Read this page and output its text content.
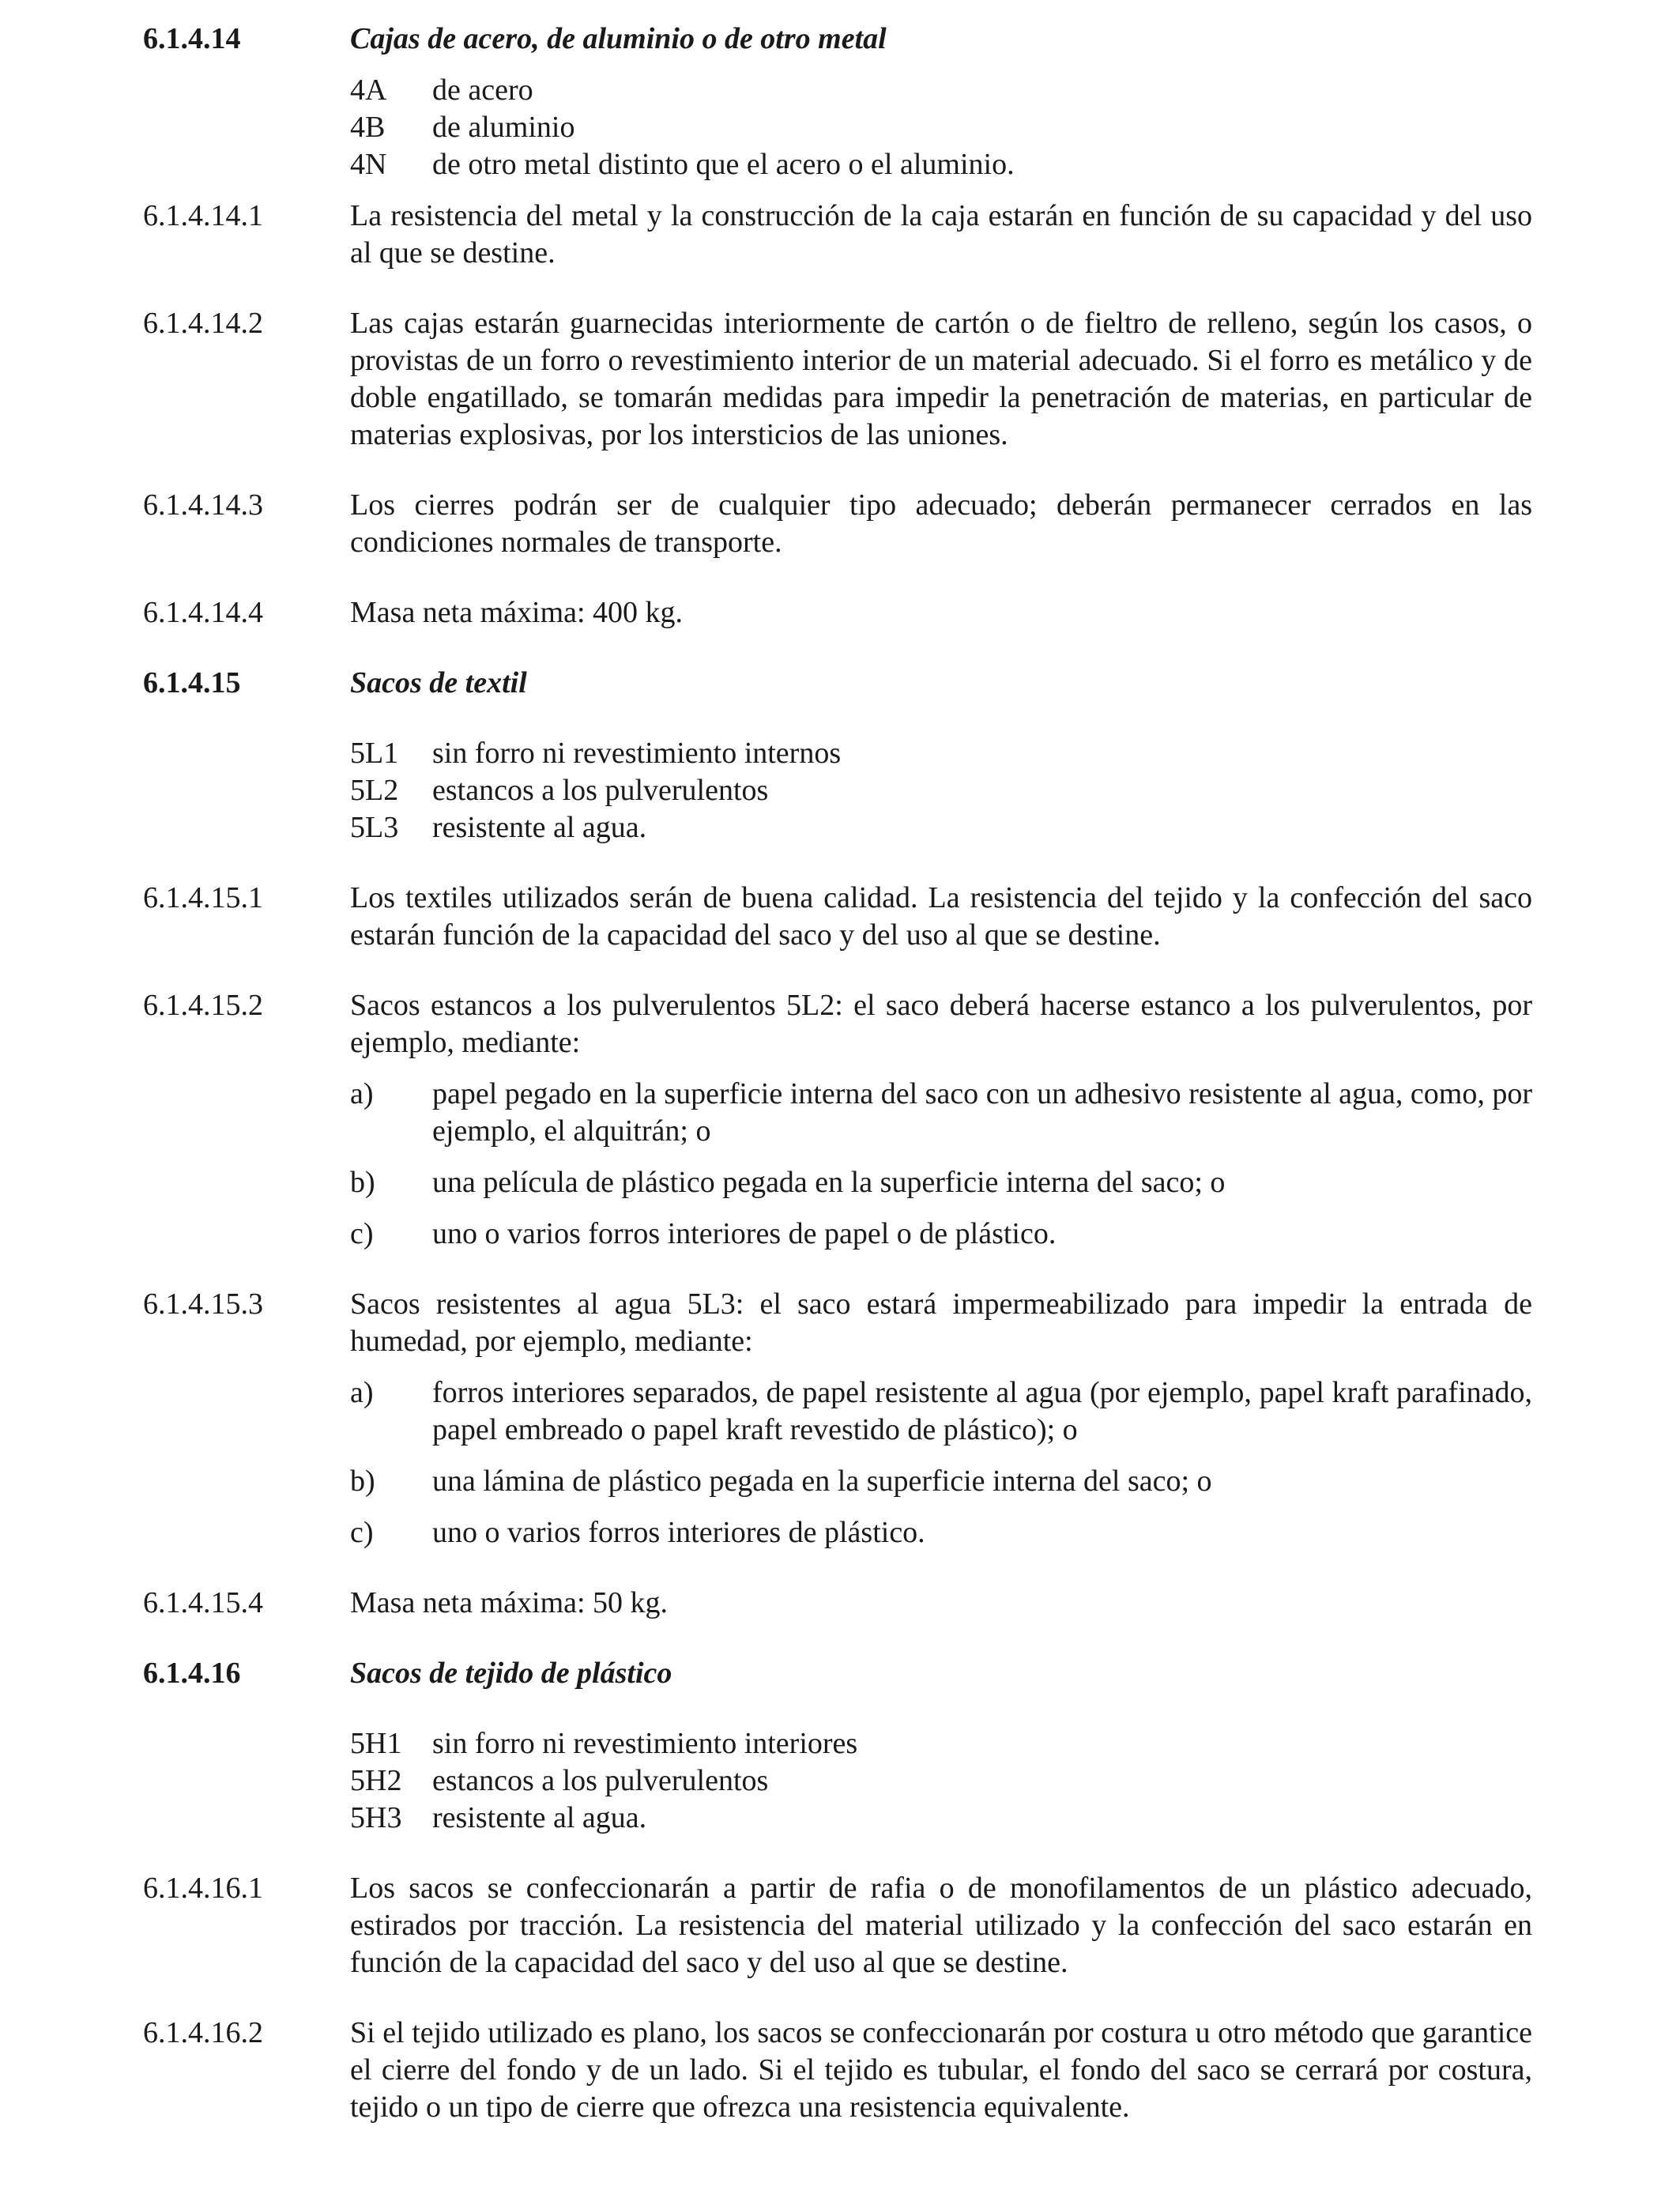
6.1.4.14	Cajas de acero, de aluminio o de otro metal
4A	de acero
4B	de aluminio
4N	de otro metal distinto que el acero o el aluminio.
6.1.4.14.1	La resistencia del metal y la construcción de la caja estarán en función de su capacidad y del uso al que se destine.
6.1.4.14.2	Las cajas estarán guarnecidas interiormente de cartón o de fieltro de relleno, según los casos, o provistas de un forro o revestimiento interior de un material adecuado. Si el forro es metálico y de doble engatillado, se tomarán medidas para impedir la penetración de materias, en particular de materias explosivas, por los intersticios de las uniones.
6.1.4.14.3	Los cierres podrán ser de cualquier tipo adecuado; deberán permanecer cerrados en las condiciones normales de transporte.
6.1.4.14.4	Masa neta máxima: 400 kg.
6.1.4.15	Sacos de textil
5L1	sin forro ni revestimiento internos
5L2	estancos a los pulverulentos
5L3	resistente al agua.
6.1.4.15.1	Los textiles utilizados serán de buena calidad. La resistencia del tejido y la confección del saco estarán función de la capacidad del saco y del uso al que se destine.
6.1.4.15.2	Sacos estancos a los pulverulentos 5L2: el saco deberá hacerse estanco a los pulverulentos, por ejemplo, mediante:
a)	papel pegado en la superficie interna del saco con un adhesivo resistente al agua, como, por ejemplo, el alquitrán; o
b)	una película de plástico pegada en la superficie interna del saco; o
c)	uno o varios forros interiores de papel o de plástico.
6.1.4.15.3	Sacos resistentes al agua 5L3: el saco estará impermeabilizado para impedir la entrada de humedad, por ejemplo, mediante:
a)	forros interiores separados, de papel resistente al agua (por ejemplo, papel kraft parafinado, papel embreado o papel kraft revestido de plástico); o
b)	una lámina de plástico pegada en la superficie interna del saco; o
c)	uno o varios forros interiores de plástico.
6.1.4.15.4	Masa neta máxima: 50 kg.
6.1.4.16	Sacos de tejido de plástico
5H1	sin forro ni revestimiento interiores
5H2	estancos a los pulverulentos
5H3	resistente al agua.
6.1.4.16.1	Los sacos se confeccionarán a partir de rafia o de monofilamentos de un plástico adecuado, estirados por tracción. La resistencia del material utilizado y la confección del saco estarán en función de la capacidad del saco y del uso al que se destine.
6.1.4.16.2	Si el tejido utilizado es plano, los sacos se confeccionarán por costura u otro método que garantice el cierre del fondo y de un lado. Si el tejido es tubular, el fondo del saco se cerrará por costura, tejido o un tipo de cierre que ofrezca una resistencia equivalente.
